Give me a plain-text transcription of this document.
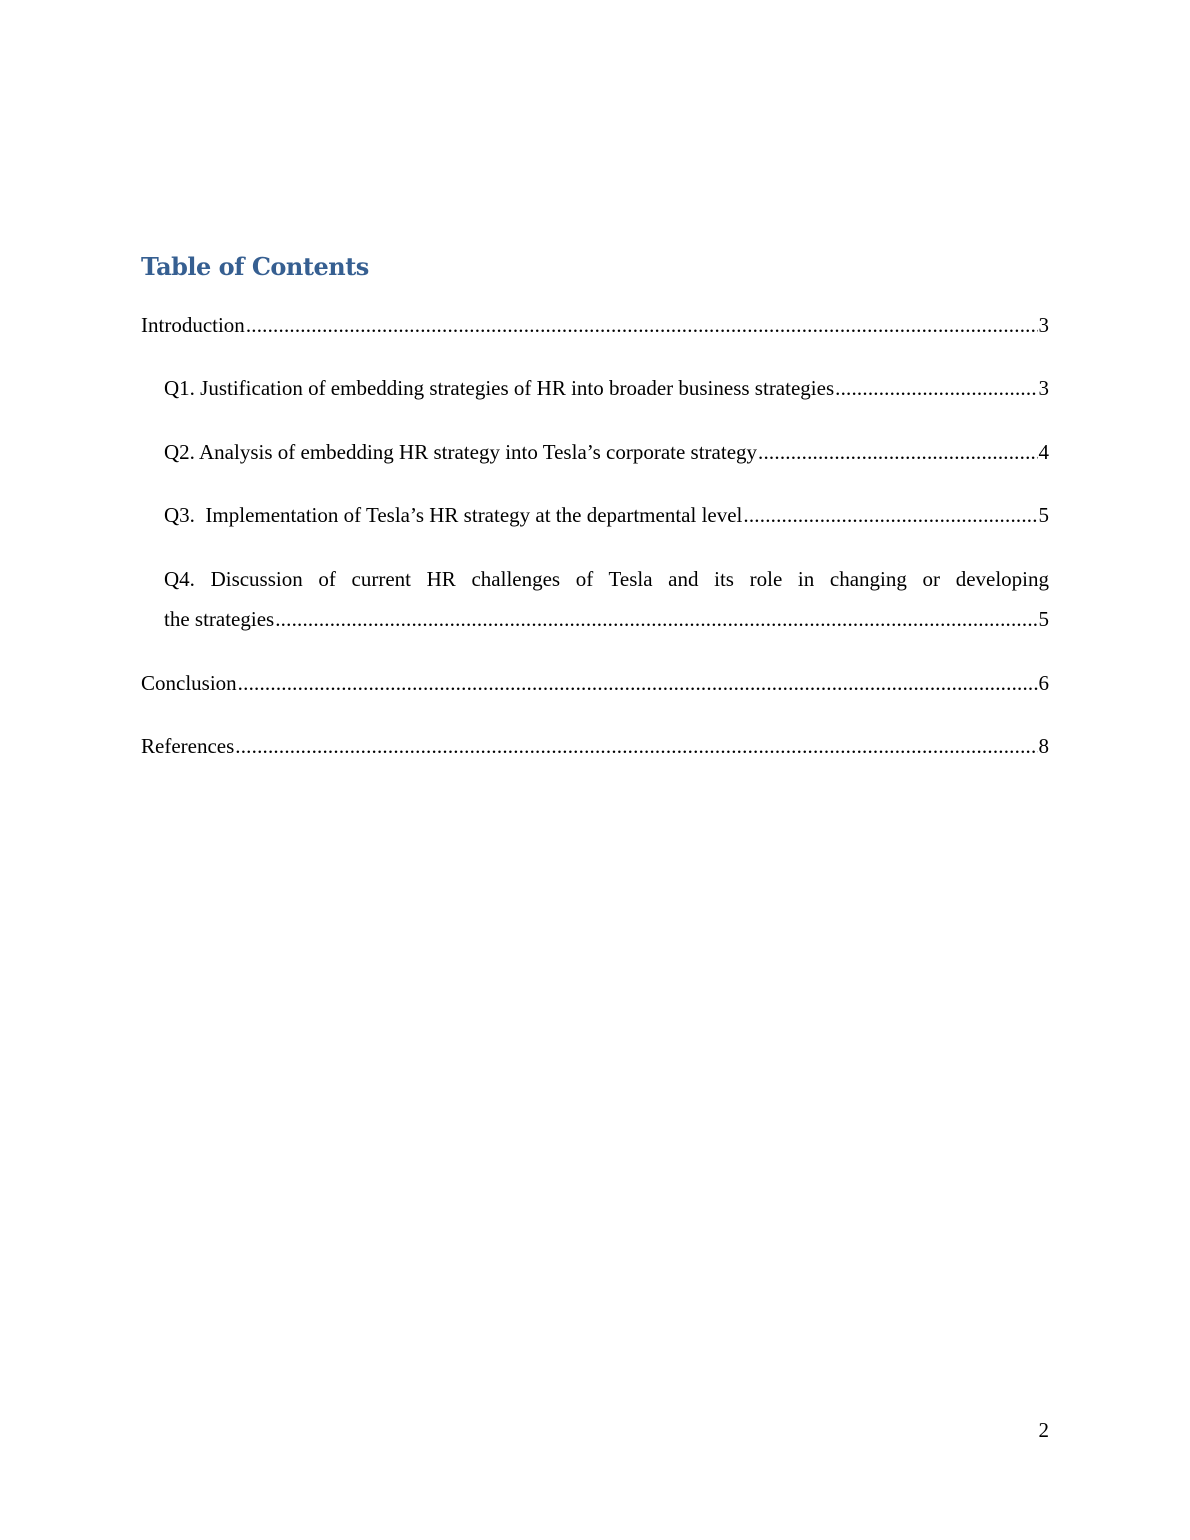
Table of Contents
Introduction .....	3
Q1. Justification of embedding strategies of HR into broader business strategies .....	3
Q2. Analysis of embedding HR strategy into Tesla’s corporate strategy .....	4
Q3.  Implementation of Tesla’s HR strategy at the departmental level .....	5
Q4. Discussion of current HR challenges of Tesla and its role in changing or developing
the strategies .....	5
Conclusion .....	6
References .....	8
2
